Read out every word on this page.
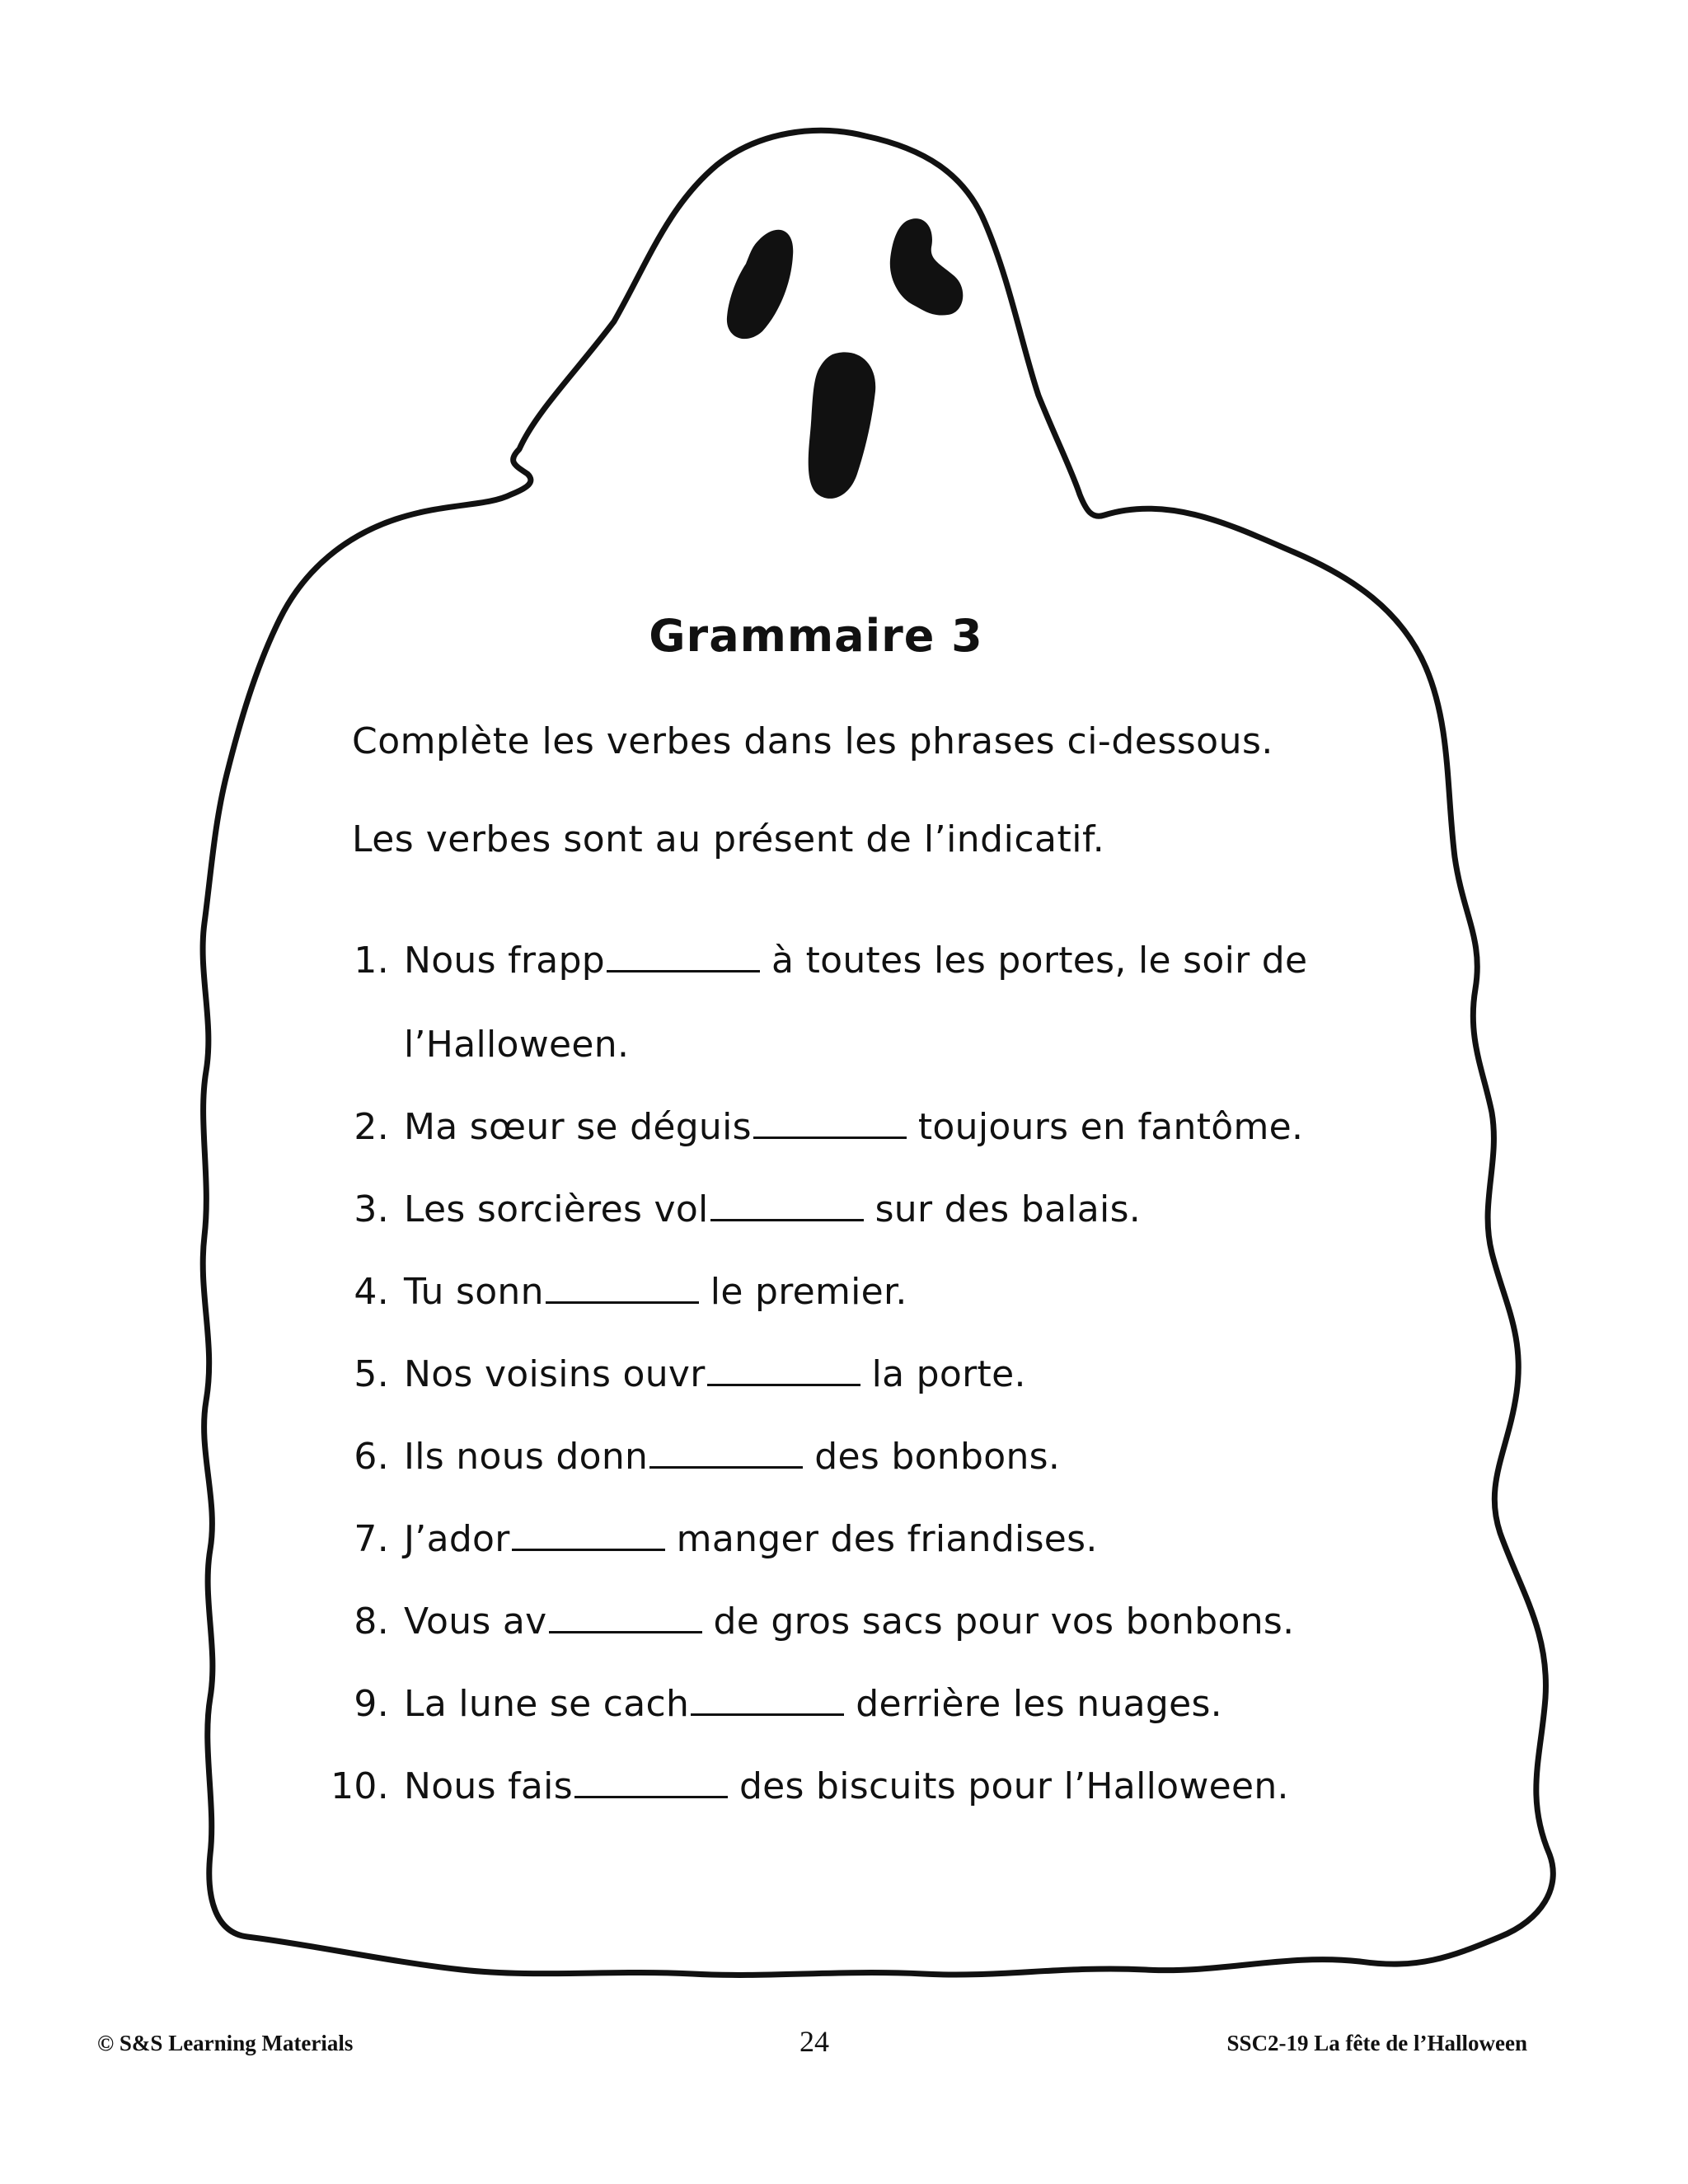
Grammaire 3
Complète les verbes dans les phrases ci-dessous.
Les verbes sont au présent de l’indicatif.
1. Nous frapp	à toutes les portes, le soir de
l’Halloween.
2. Ma sœur se déguis	toujours en fantôme.
3. Les sorcières vol	sur des balais.
4. Tu sonn	le premier.
5. Nos voisins ouvr	la porte.
6. Ils nous donn	des bonbons.
7. J’ador	manger des friandises.
8. Vous av	de gros sacs pour vos bonbons.
9. La lune se cach	derrière les nuages.
10. Nous fais	des biscuits pour l’Halloween.
© S&S Learning Materials	24	SSC2-19 La fête de l’Halloween
